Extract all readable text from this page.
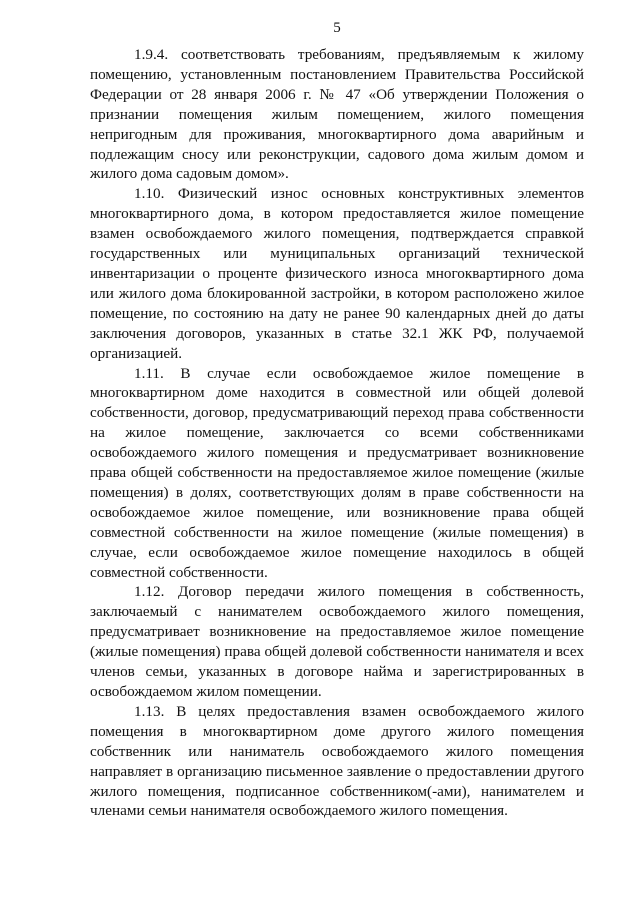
5

1.9.4. соответствовать требованиям, предъявляемым к жилому помещению, установленным постановлением Правительства Российской Федерации от 28 января 2006 г. № 47 «Об утверждении Положения о признании помещения жилым помещением, жилого помещения непригодным для проживания, многоквартирного дома аварийным и подлежащим сносу или реконструкции, садового дома жилым домом и жилого дома садовым домом».

1.10. Физический износ основных конструктивных элементов многоквартирного дома, в котором предоставляется жилое помещение взамен освобождаемого жилого помещения, подтверждается справкой государственных или муниципальных организаций технической инвентаризации о проценте физического износа многоквартирного дома или жилого дома блокированной застройки, в котором расположено жилое помещение, по состоянию на дату не ранее 90 календарных дней до даты заключения договоров, указанных в статье 32.1 ЖК РФ, получаемой организацией.

1.11. В случае если освобождаемое жилое помещение в многоквартирном доме находится в совместной или общей долевой собственности, договор, предусматривающий переход права собственности на жилое помещение, заключается со всеми собственниками освобождаемого жилого помещения и предусматривает возникновение права общей собственности на предоставляемое жилое помещение (жилые помещения) в долях, соответствующих долям в праве собственности на освобождаемое жилое помещение, или возникновение права общей совместной собственности на жилое помещение (жилые помещения) в случае, если освобождаемое жилое помещение находилось в общей совместной собственности.

1.12. Договор передачи жилого помещения в собственность, заключаемый с нанимателем освобождаемого жилого помещения, предусматривает возникновение на предоставляемое жилое помещение (жилые помещения) права общей долевой собственности нанимателя и всех членов семьи, указанных в договоре найма и зарегистрированных в освобождаемом жилом помещении.

1.13. В целях предоставления взамен освобождаемого жилого помещения в многоквартирном доме другого жилого помещения собственник или наниматель освобождаемого жилого помещения направляет в организацию письменное заявление о предоставлении другого жилого помещения, подписанное собственником(-ами), нанимателем и членами семьи нанимателя освобождаемого жилого помещения.
